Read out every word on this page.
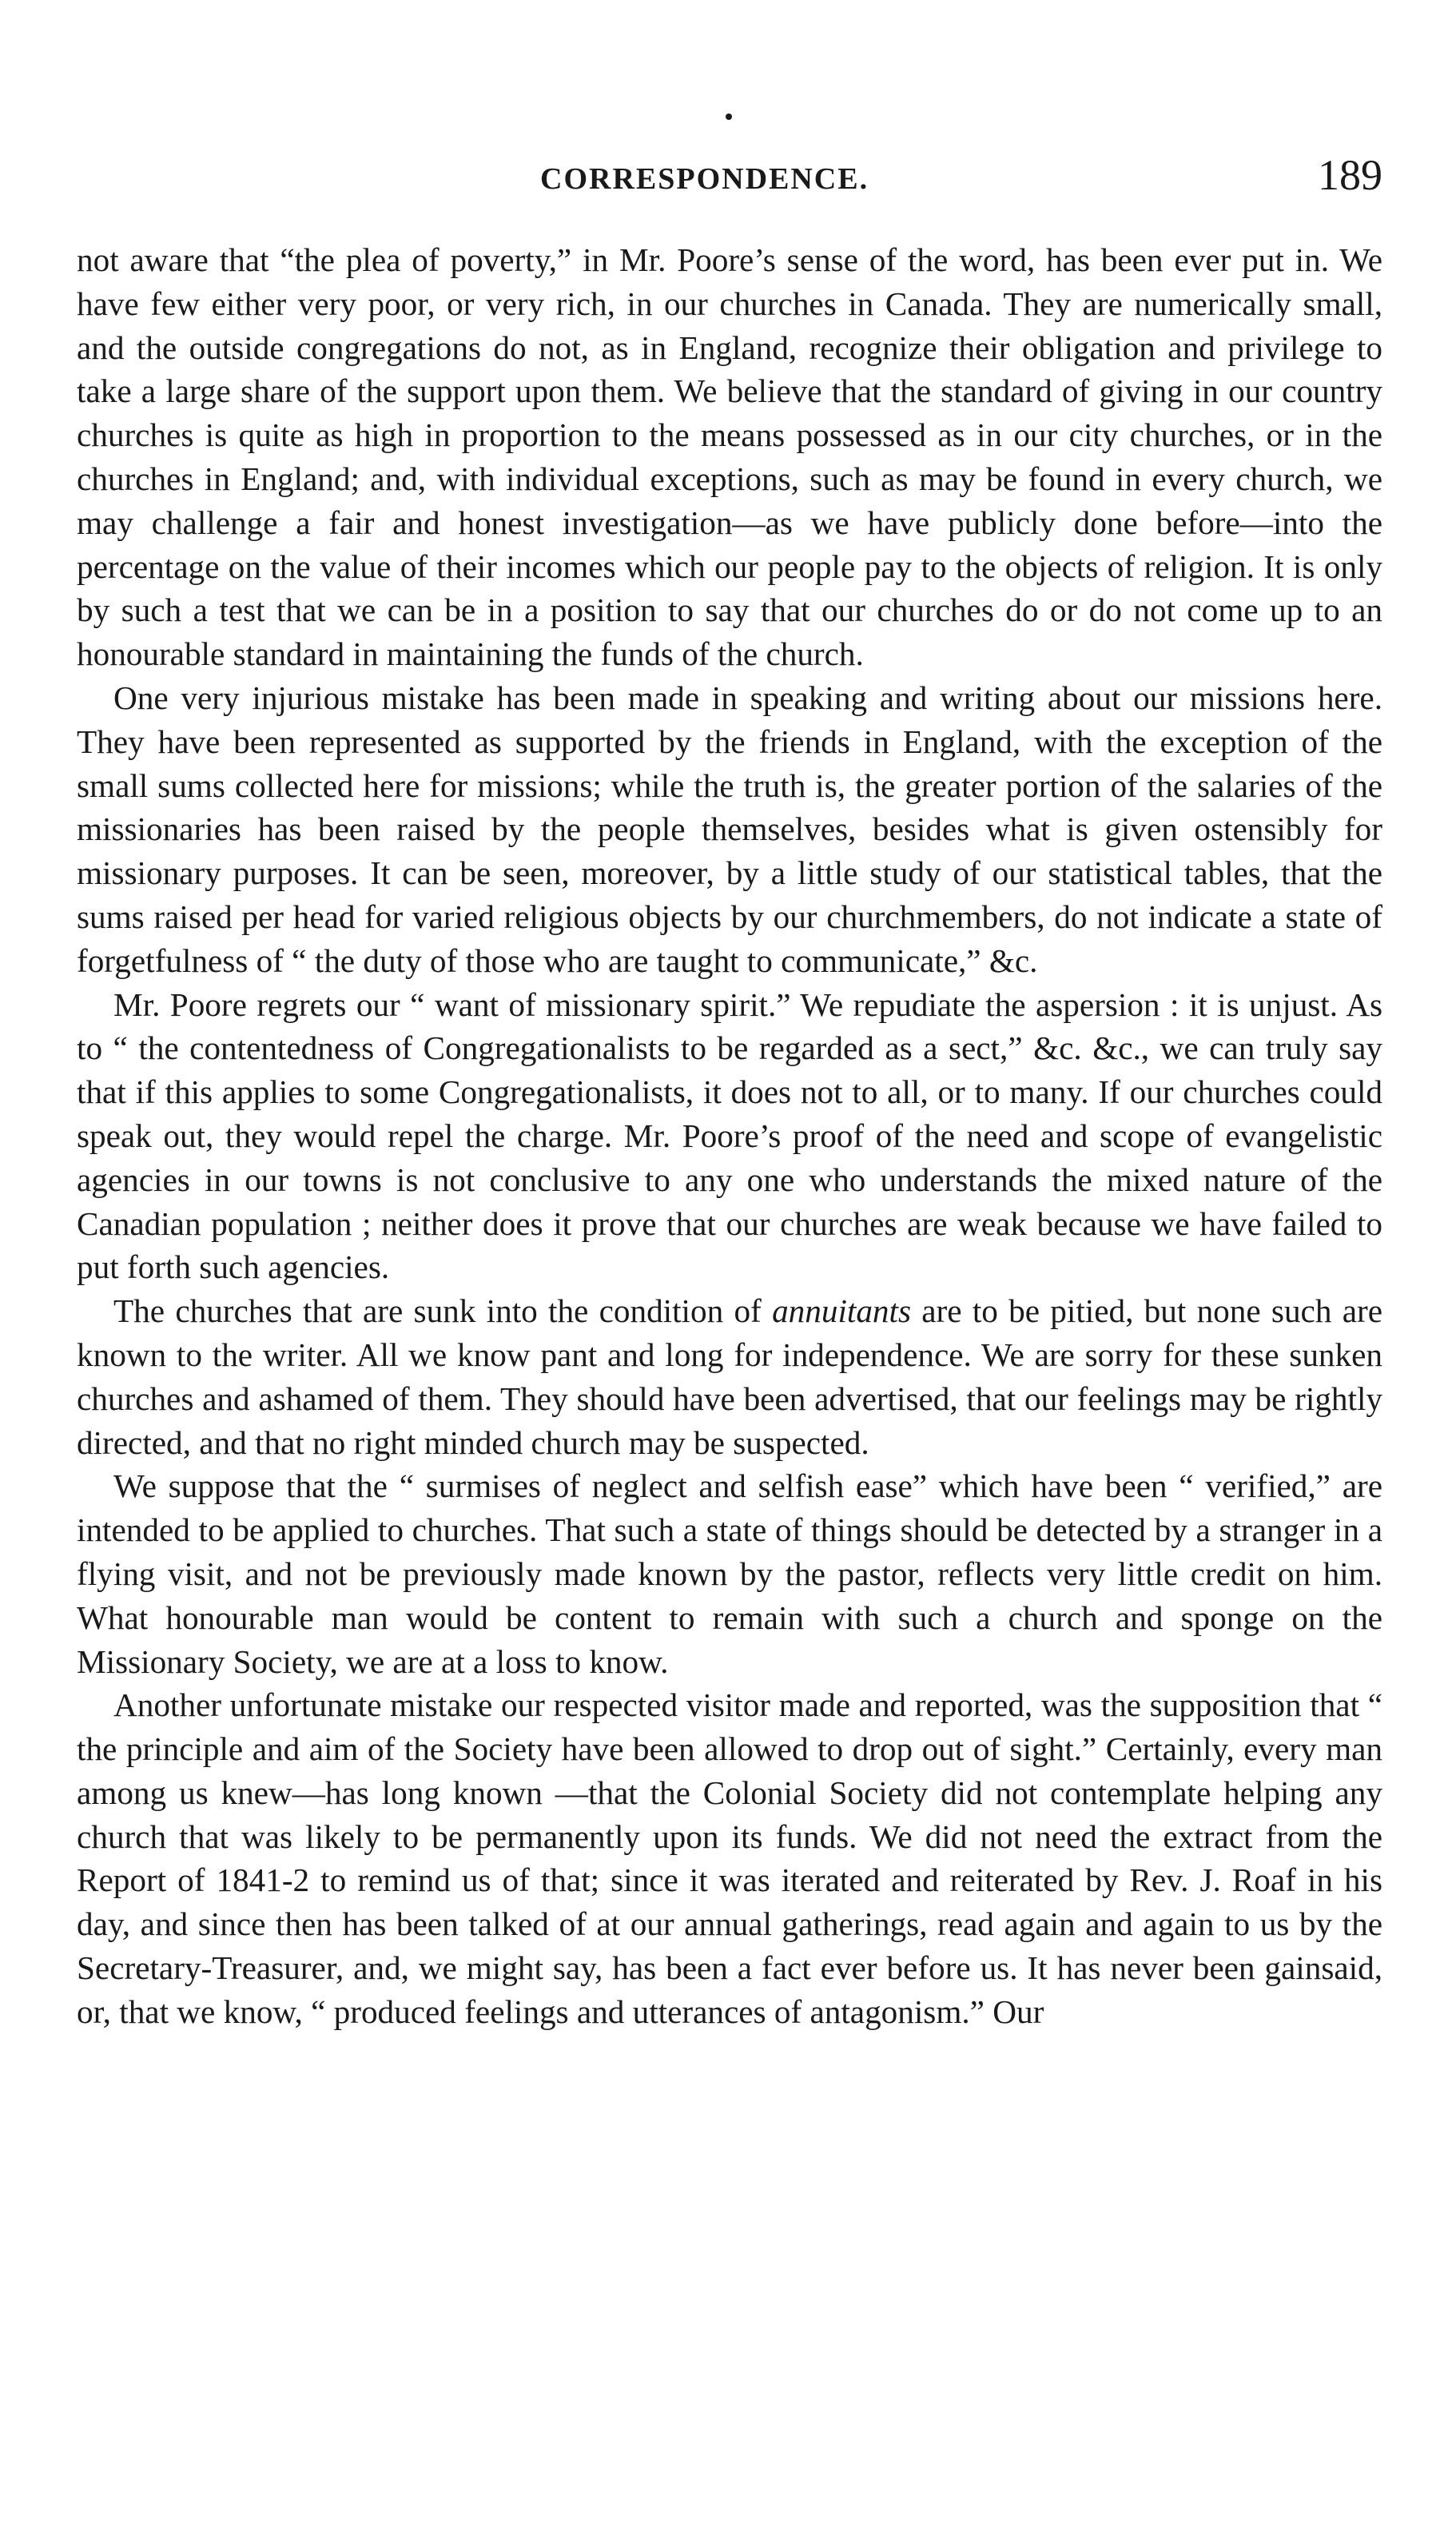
CORRESPONDENCE.	189

not aware that “the plea of poverty,” in Mr. Poore’s sense of the word, has been ever put in. We have few either very poor, or very rich, in our churches in Canada. They are numerically small, and the outside congregations do not, as in England, recognize their obligation and privilege to take a large share of the support upon them. We believe that the standard of giving in our country churches is quite as high in proportion to the means possessed as in our city churches, or in the churches in England; and, with individual exceptions, such as may be found in every church, we may challenge a fair and honest investigation—as we have publicly done before—into the percentage on the value of their incomes which our people pay to the objects of religion. It is only by such a test that we can be in a position to say that our churches do or do not come up to an honourable standard in maintaining the funds of the church.

One very injurious mistake has been made in speaking and writing about our missions here. They have been represented as supported by the friends in England, with the exception of the small sums collected here for missions; while the truth is, the greater portion of the salaries of the missionaries has been raised by the people themselves, besides what is given ostensibly for missionary purposes. It can be seen, moreover, by a little study of our statistical tables, that the sums raised per head for varied religious objects by our churchmembers, do not indicate a state of forgetfulness of “ the duty of those who are taught to communicate,” &c.

Mr. Poore regrets our “ want of missionary spirit.” We repudiate the aspersion : it is unjust. As to “ the contentedness of Congregationalists to be regarded as a sect,” &c. &c., we can truly say that if this applies to some Congregationalists, it does not to all, or to many. If our churches could speak out, they would repel the charge. Mr. Poore’s proof of the need and scope of evangelistic agencies in our towns is not conclusive to any one who understands the mixed nature of the Canadian population ; neither does it prove that our churches are weak because we have failed to put forth such agencies.

The churches that are sunk into the condition of annuitants are to be pitied, but none such are known to the writer. All we know pant and long for independence. We are sorry for these sunken churches and ashamed of them. They should have been advertised, that our feelings may be rightly directed, and that no right minded church may be suspected.

We suppose that the “ surmises of neglect and selfish ease” which have been “ verified,” are intended to be applied to churches. That such a state of things should be detected by a stranger in a flying visit, and not be previously made known by the pastor, reflects very little credit on him. What honourable man would be content to remain with such a church and sponge on the Missionary Society, we are at a loss to know.

Another unfortunate mistake our respected visitor made and reported, was the supposition that “ the principle and aim of the Society have been allowed to drop out of sight.” Certainly, every man among us knew—has long known —that the Colonial Society did not contemplate helping any church that was likely to be permanently upon its funds. We did not need the extract from the Report of 1841-2 to remind us of that; since it was iterated and reiterated by Rev. J. Roaf in his day, and since then has been talked of at our annual gatherings, read again and again to us by the Secretary-Treasurer, and, we might say, has been a fact ever before us. It has never been gainsaid, or, that we know, “ produced feelings and utterances of antagonism.” Our
